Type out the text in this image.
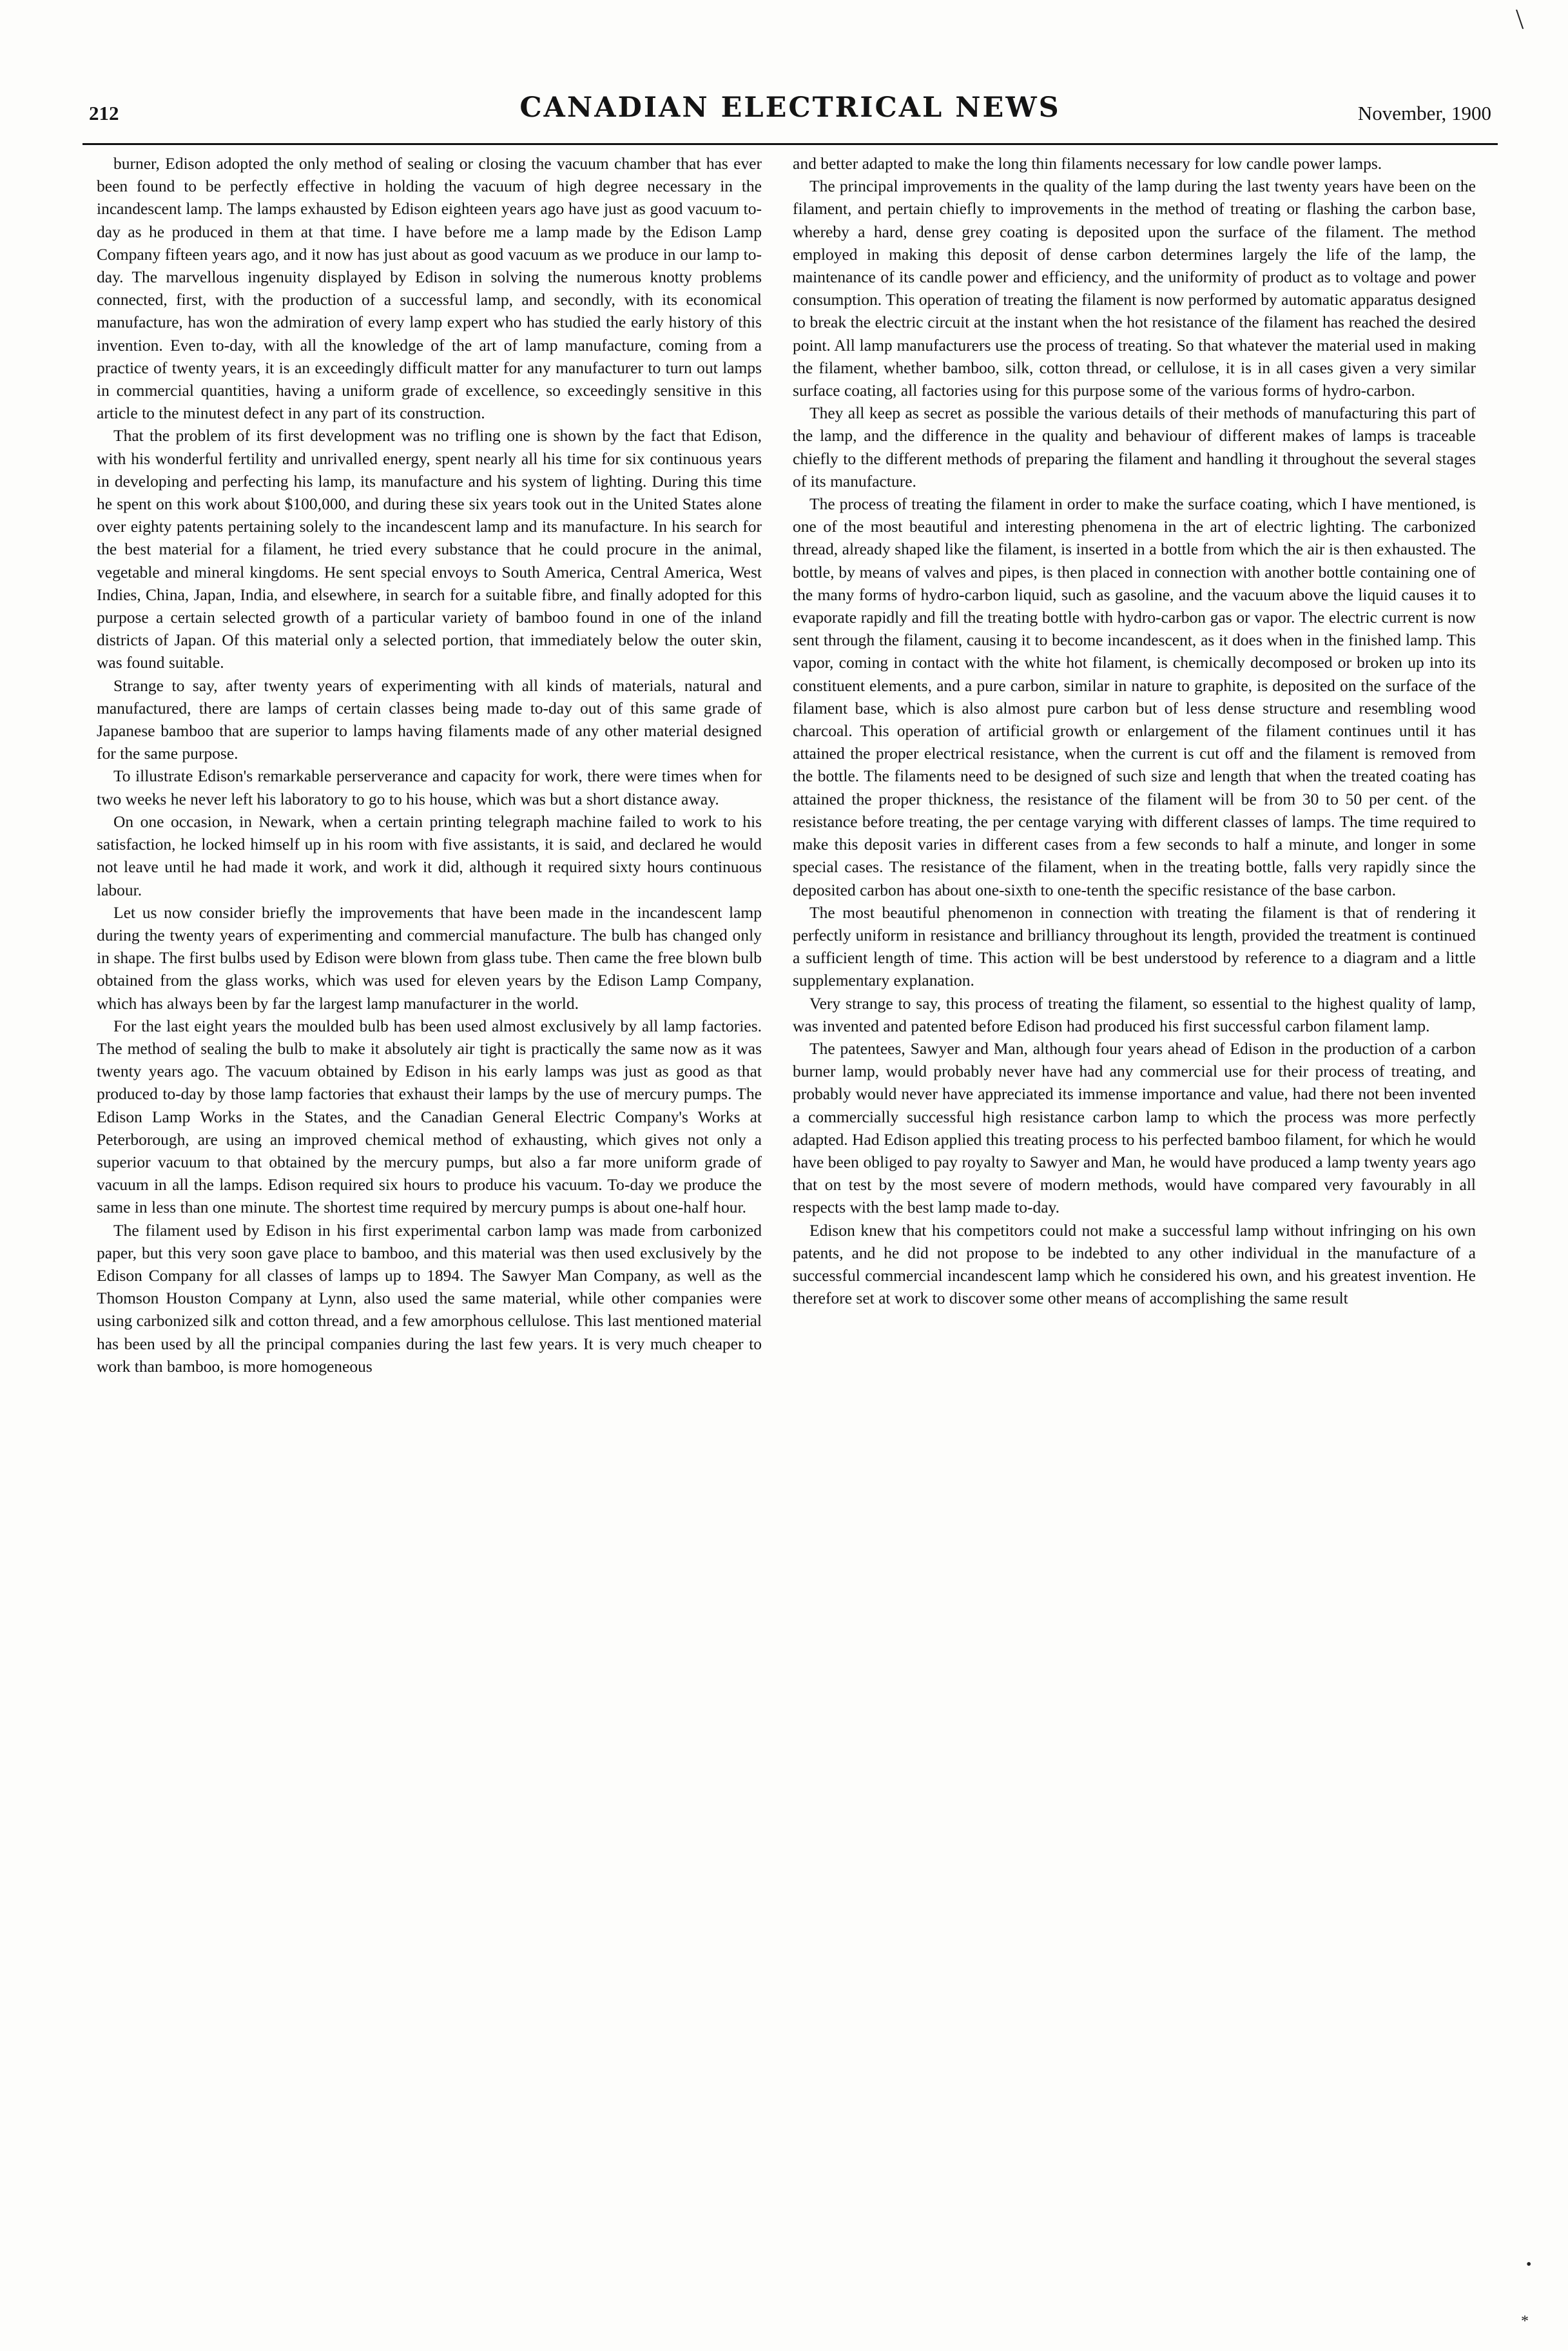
\
212	CANADIAN ELECTRICAL NEWS	November, 1900

burner, Edison adopted the only method of sealing or closing the vacuum chamber that has ever been found to be perfectly effective in holding the vacuum of high degree necessary in the incandescent lamp. The lamps exhausted by Edison eighteen years ago have just as good vacuum to-day as he produced in them at that time. I have before me a lamp made by the Edison Lamp Company fifteen years ago, and it now has just about as good vacuum as we produce in our lamp to-day. The marvellous ingenuity displayed by Edison in solving the numerous knotty problems connected, first, with the production of a successful lamp, and secondly, with its economical manufacture, has won the admiration of every lamp expert who has studied the early history of this invention. Even to-day, with all the knowledge of the art of lamp manufacture, coming from a practice of twenty years, it is an exceedingly difficult matter for any manufacturer to turn out lamps in commercial quantities, having a uniform grade of excellence, so exceedingly sensitive in this article to the minutest defect in any part of its construction.

That the problem of its first development was no trifling one is shown by the fact that Edison, with his wonderful fertility and unrivalled energy, spent nearly all his time for six continuous years in developing and perfecting his lamp, its manufacture and his system of lighting. During this time he spent on this work about $100,000, and during these six years took out in the United States alone over eighty patents pertaining solely to the incandescent lamp and its manufacture. In his search for the best material for a filament, he tried every substance that he could procure in the animal, vegetable and mineral kingdoms. He sent special envoys to South America, Central America, West Indies, China, Japan, India, and elsewhere, in search for a suitable fibre, and finally adopted for this purpose a certain selected growth of a particular variety of bamboo found in one of the inland districts of Japan. Of this material only a selected portion, that immediately below the outer skin, was found suitable.

Strange to say, after twenty years of experimenting with all kinds of materials, natural and manufactured, there are lamps of certain classes being made to-day out of this same grade of Japanese bamboo that are superior to lamps having filaments made of any other material designed for the same purpose.

To illustrate Edison's remarkable perserverance and capacity for work, there were times when for two weeks he never left his laboratory to go to his house, which was but a short distance away.

On one occasion, in Newark, when a certain printing telegraph machine failed to work to his satisfaction, he locked himself up in his room with five assistants, it is said, and declared he would not leave until he had made it work, and work it did, although it required sixty hours continuous labour.

Let us now consider briefly the improvements that have been made in the incandescent lamp during the twenty years of experimenting and commercial manufacture. The bulb has changed only in shape. The first bulbs used by Edison were blown from glass tube. Then came the free blown bulb obtained from the glass works, which was used for eleven years by the Edison Lamp Company, which has always been by far the largest lamp manufacturer in the world.

For the last eight years the moulded bulb has been used almost exclusively by all lamp factories. The method of sealing the bulb to make it absolutely air tight is practically the same now as it was twenty years ago. The vacuum obtained by Edison in his early lamps was just as good as that produced to-day by those lamp factories that exhaust their lamps by the use of mercury pumps. The Edison Lamp Works in the States, and the Canadian General Electric Company's Works at Peterborough, are using an improved chemical method of exhausting, which gives not only a superior vacuum to that obtained by the mercury pumps, but also a far more uniform grade of vacuum in all the lamps. Edison required six hours to produce his vacuum. To-day we produce the same in less than one minute. The shortest time required by mercury pumps is about one-half hour.

The filament used by Edison in his first experimental carbon lamp was made from carbonized paper, but this very soon gave place to bamboo, and this material was then used exclusively by the Edison Company for all classes of lamps up to 1894. The Sawyer Man Company, as well as the Thomson Houston Company at Lynn, also used the same material, while other companies were using carbonized silk and cotton thread, and a few amorphous cellulose. This last mentioned material has been used by all the principal companies during the last few years. It is very much cheaper to work than bamboo, is more homogeneous

and better adapted to make the long thin filaments necessary for low candle power lamps.

The principal improvements in the quality of the lamp during the last twenty years have been on the filament, and pertain chiefly to improvements in the method of treating or flashing the carbon base, whereby a hard, dense grey coating is deposited upon the surface of the filament. The method employed in making this deposit of dense carbon determines largely the life of the lamp, the maintenance of its candle power and efficiency, and the uniformity of product as to voltage and power consumption. This operation of treating the filament is now performed by automatic apparatus designed to break the electric circuit at the instant when the hot resistance of the filament has reached the desired point. All lamp manufacturers use the process of treating. So that whatever the material used in making the filament, whether bamboo, silk, cotton thread, or cellulose, it is in all cases given a very similar surface coating, all factories using for this purpose some of the various forms of hydro-carbon.

They all keep as secret as possible the various details of their methods of manufacturing this part of the lamp, and the difference in the quality and behaviour of different makes of lamps is traceable chiefly to the different methods of preparing the filament and handling it throughout the several stages of its manufacture.

The process of treating the filament in order to make the surface coating, which I have mentioned, is one of the most beautiful and interesting phenomena in the art of electric lighting. The carbonized thread, already shaped like the filament, is inserted in a bottle from which the air is then exhausted. The bottle, by means of valves and pipes, is then placed in connection with another bottle containing one of the many forms of hydro-carbon liquid, such as gasoline, and the vacuum above the liquid causes it to evaporate rapidly and fill the treating bottle with hydro-carbon gas or vapor. The electric current is now sent through the filament, causing it to become incandescent, as it does when in the finished lamp. This vapor, coming in contact with the white hot filament, is chemically decomposed or broken up into its constituent elements, and a pure carbon, similar in nature to graphite, is deposited on the surface of the filament base, which is also almost pure carbon but of less dense structure and resembling wood charcoal. This operation of artificial growth or enlargement of the filament continues until it has attained the proper electrical resistance, when the current is cut off and the filament is removed from the bottle. The filaments need to be designed of such size and length that when the treated coating has attained the proper thickness, the resistance of the filament will be from 30 to 50 per cent. of the resistance before treating, the per centage varying with different classes of lamps. The time required to make this deposit varies in different cases from a few seconds to half a minute, and longer in some special cases. The resistance of the filament, when in the treating bottle, falls very rapidly since the deposited carbon has about one-sixth to one-tenth the specific resistance of the base carbon.

The most beautiful phenomenon in connection with treating the filament is that of rendering it perfectly uniform in resistance and brilliancy throughout its length, provided the treatment is continued a sufficient length of time. This action will be best understood by reference to a diagram and a little supplementary explanation.

Very strange to say, this process of treating the filament, so essential to the highest quality of lamp, was invented and patented before Edison had produced his first successful carbon filament lamp.

The patentees, Sawyer and Man, although four years ahead of Edison in the production of a carbon burner lamp, would probably never have had any commercial use for their process of treating, and probably would never have appreciated its immense importance and value, had there not been invented a commercially successful high resistance carbon lamp to which the process was more perfectly adapted. Had Edison applied this treating process to his perfected bamboo filament, for which he would have been obliged to pay royalty to Sawyer and Man, he would have produced a lamp twenty years ago that on test by the most severe of modern methods, would have compared very favourably in all respects with the best lamp made to-day.

Edison knew that his competitors could not make a successful lamp without infringing on his own patents, and he did not propose to be indebted to any other individual in the manufacture of a successful commercial incandescent lamp which he considered his own, and his greatest invention. He therefore set at work to discover some other means of accomplishing the same result

•
*
